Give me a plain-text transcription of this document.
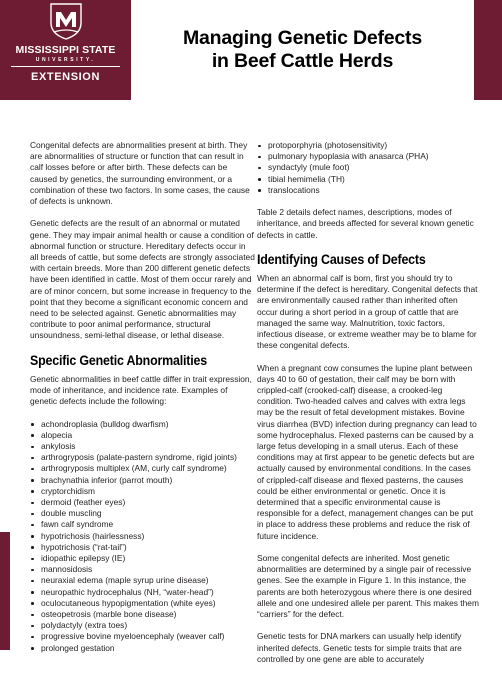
MISSISSIPPI STATE
UNIVERSITY.
EXTENSION
Managing Genetic Defects
in Beef Cattle Herds

Congenital defects are abnormalities present at birth. They are abnormalities of structure or function that can result in calf losses before or after birth. These defects can be caused by genetics, the surrounding environment, or a combination of these two factors. In some cases, the cause of defects is unknown.

Genetic defects are the result of an abnormal or mutated gene. They may impair animal health or cause a condition of abnormal function or structure. Hereditary defects occur in all breeds of cattle, but some defects are strongly associated with certain breeds. More than 200 different genetic defects have been identified in cattle. Most of them occur rarely and are of minor concern, but some increase in frequency to the point that they become a significant economic concern and need to be selected against. Genetic abnormalities may contribute to poor animal performance, structural unsoundness, semi-lethal disease, or lethal disease.

Specific Genetic Abnormalities

Genetic abnormalities in beef cattle differ in trait expression, mode of inheritance, and incidence rate. Examples of genetic defects include the following:

achondroplasia (bulldog dwarfism)
alopecia
ankylosis
arthrogryposis (palate-pastern syndrome, rigid joints)
arthrogryposis multiplex (AM, curly calf syndrome)
brachynathia inferior (parrot mouth)
cryptorchidism
dermoid (feather eyes)
double muscling
fawn calf syndrome
hypotrichosis (hairlessness)
hypotrichosis (“rat-tail”)
idiopathic epilepsy (IE)
mannosidosis
neuraxial edema (maple syrup urine disease)
neuropathic hydrocephalus (NH, “water-head”)
oculocutaneous hypopigmentation (white eyes)
osteopetrosis (marble bone disease)
polydactyly (extra toes)
progressive bovine myeloencephaly (weaver calf)
prolonged gestation
protoporphyria (photosensitivity)
pulmonary hypoplasia with anasarca (PHA)
syndactyly (mule foot)
tibial hemimelia (TH)
translocations

Table 2 details defect names, descriptions, modes of inheritance, and breeds affected for several known genetic defects in cattle.

Identifying Causes of Defects

When an abnormal calf is born, first you should try to determine if the defect is hereditary. Congenital defects that are environmentally caused rather than inherited often occur during a short period in a group of cattle that are managed the same way. Malnutrition, toxic factors, infectious disease, or extreme weather may be to blame for these congenital defects.

When a pregnant cow consumes the lupine plant between days 40 to 60 of gestation, their calf may be born with crippled-calf (crooked-calf) disease, a crooked-leg condition. Two-headed calves and calves with extra legs may be the result of fetal development mistakes. Bovine virus diarrhea (BVD) infection during pregnancy can lead to some hydrocephalus. Flexed pasterns can be caused by a large fetus developing in a small uterus. Each of these conditions may at first appear to be genetic defects but are actually caused by environmental conditions. In the cases of crippled-calf disease and flexed pasterns, the causes could be either environmental or genetic. Once it is determined that a specific environmental cause is responsible for a defect, management changes can be put in place to address these problems and reduce the risk of future incidence.

Some congenital defects are inherited. Most genetic abnormalities are determined by a single pair of recessive genes. See the example in Figure 1. In this instance, the parents are both heterozygous where there is one desired allele and one undesired allele per parent. This makes them “carriers” for the defect.

Genetic tests for DNA markers can usually help identify inherited defects. Genetic tests for simple traits that are controlled by one gene are able to accurately
